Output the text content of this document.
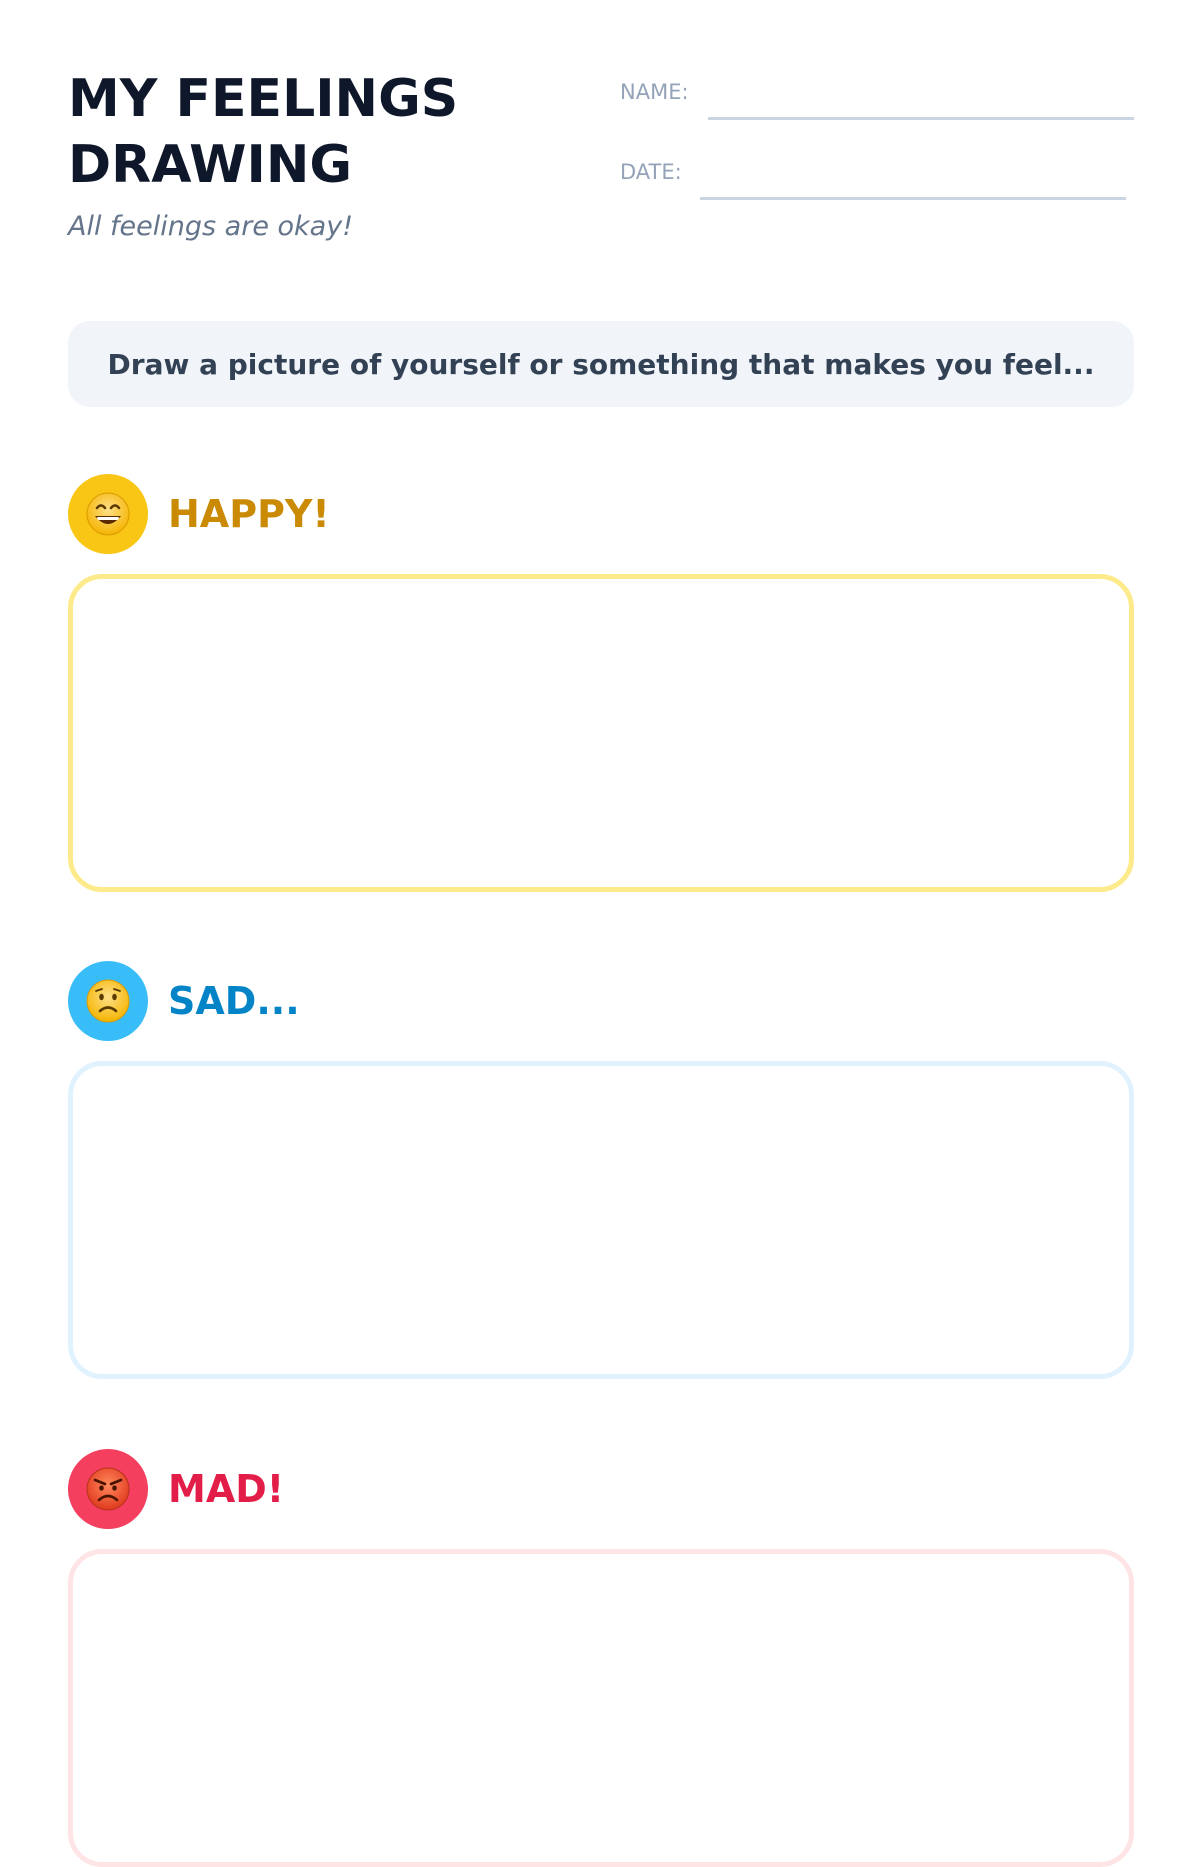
MY FEELINGS
DRAWING

All feelings are okay!

NAME:
DATE:
Draw a picture of yourself or something that makes you feel...
HAPPY!
SAD...
MAD!
